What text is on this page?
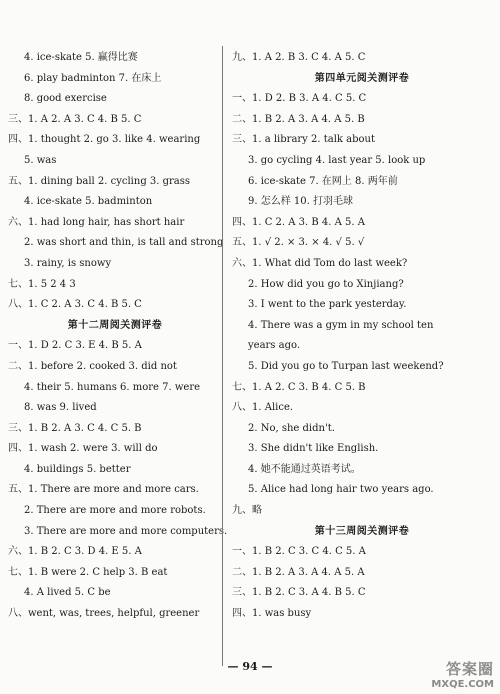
4. ice-skate 5. 赢得比赛
6. play badminton 7. 在床上
8. good exercise
三、1. A 2. A 3. C 4. B 5. C
四、1. thought 2. go 3. like 4. wearing
5. was
五、1. dining ball 2. cycling 3. grass
4. ice-skate 5. badminton
六、1. had long hair, has short hair
2. was short and thin, is tall and strong
3. rainy, is snowy
七、1. 5 2 4 3
八、1. C 2. A 3. C 4. B 5. C
第十二周阅关测评卷
一、1. D 2. C 3. E 4. B 5. A
二、1. before 2. cooked 3. did not
4. their 5. humans 6. more 7. were
8. was 9. lived
三、1. B 2. A 3. C 4. C 5. B
四、1. wash 2. were 3. will do
4. buildings 5. better
五、1. There are more and more cars.
2. There are more and more robots.
3. There are more and more computers.
六、1. B 2. C 3. D 4. E 5. A
七、1. B were 2. C help 3. B eat
4. A lived 5. C be
八、went, was, trees, helpful, greener
九、1. A 2. B 3. C 4. A 5. C
第四单元阅关测评卷
一、1. D 2. B 3. A 4. C 5. C
二、1. B 2. A 3. A 4. A 5. B
三、1. a library 2. talk about
3. go cycling 4. last year 5. look up
6. ice-skate 7. 在网上 8. 两年前
9. 怎么样 10. 打羽毛球
四、1. C 2. A 3. B 4. A 5. A
五、1. √ 2. × 3. × 4. √ 5. √
六、1. What did Tom do last week?
2. How did you go to Xinjiang?
3. I went to the park yesterday.
4. There was a gym in my school ten
years ago.
5. Did you go to Turpan last weekend?
七、1. A 2. C 3. B 4. C 5. B
八、1. Alice.
2. No, she didn't.
3. She didn't like English.
4. 她不能通过英语考试。
5. Alice had long hair two years ago.
九、略
第十三周阅关测评卷
一、1. B 2. C 3. C 4. C 5. A
二、1. B 2. A 3. A 4. A 5. A
三、1. B 2. C 3. A 4. B 5. C
四、1. was busy
— 94 —	答案圈
MXQE.COM
